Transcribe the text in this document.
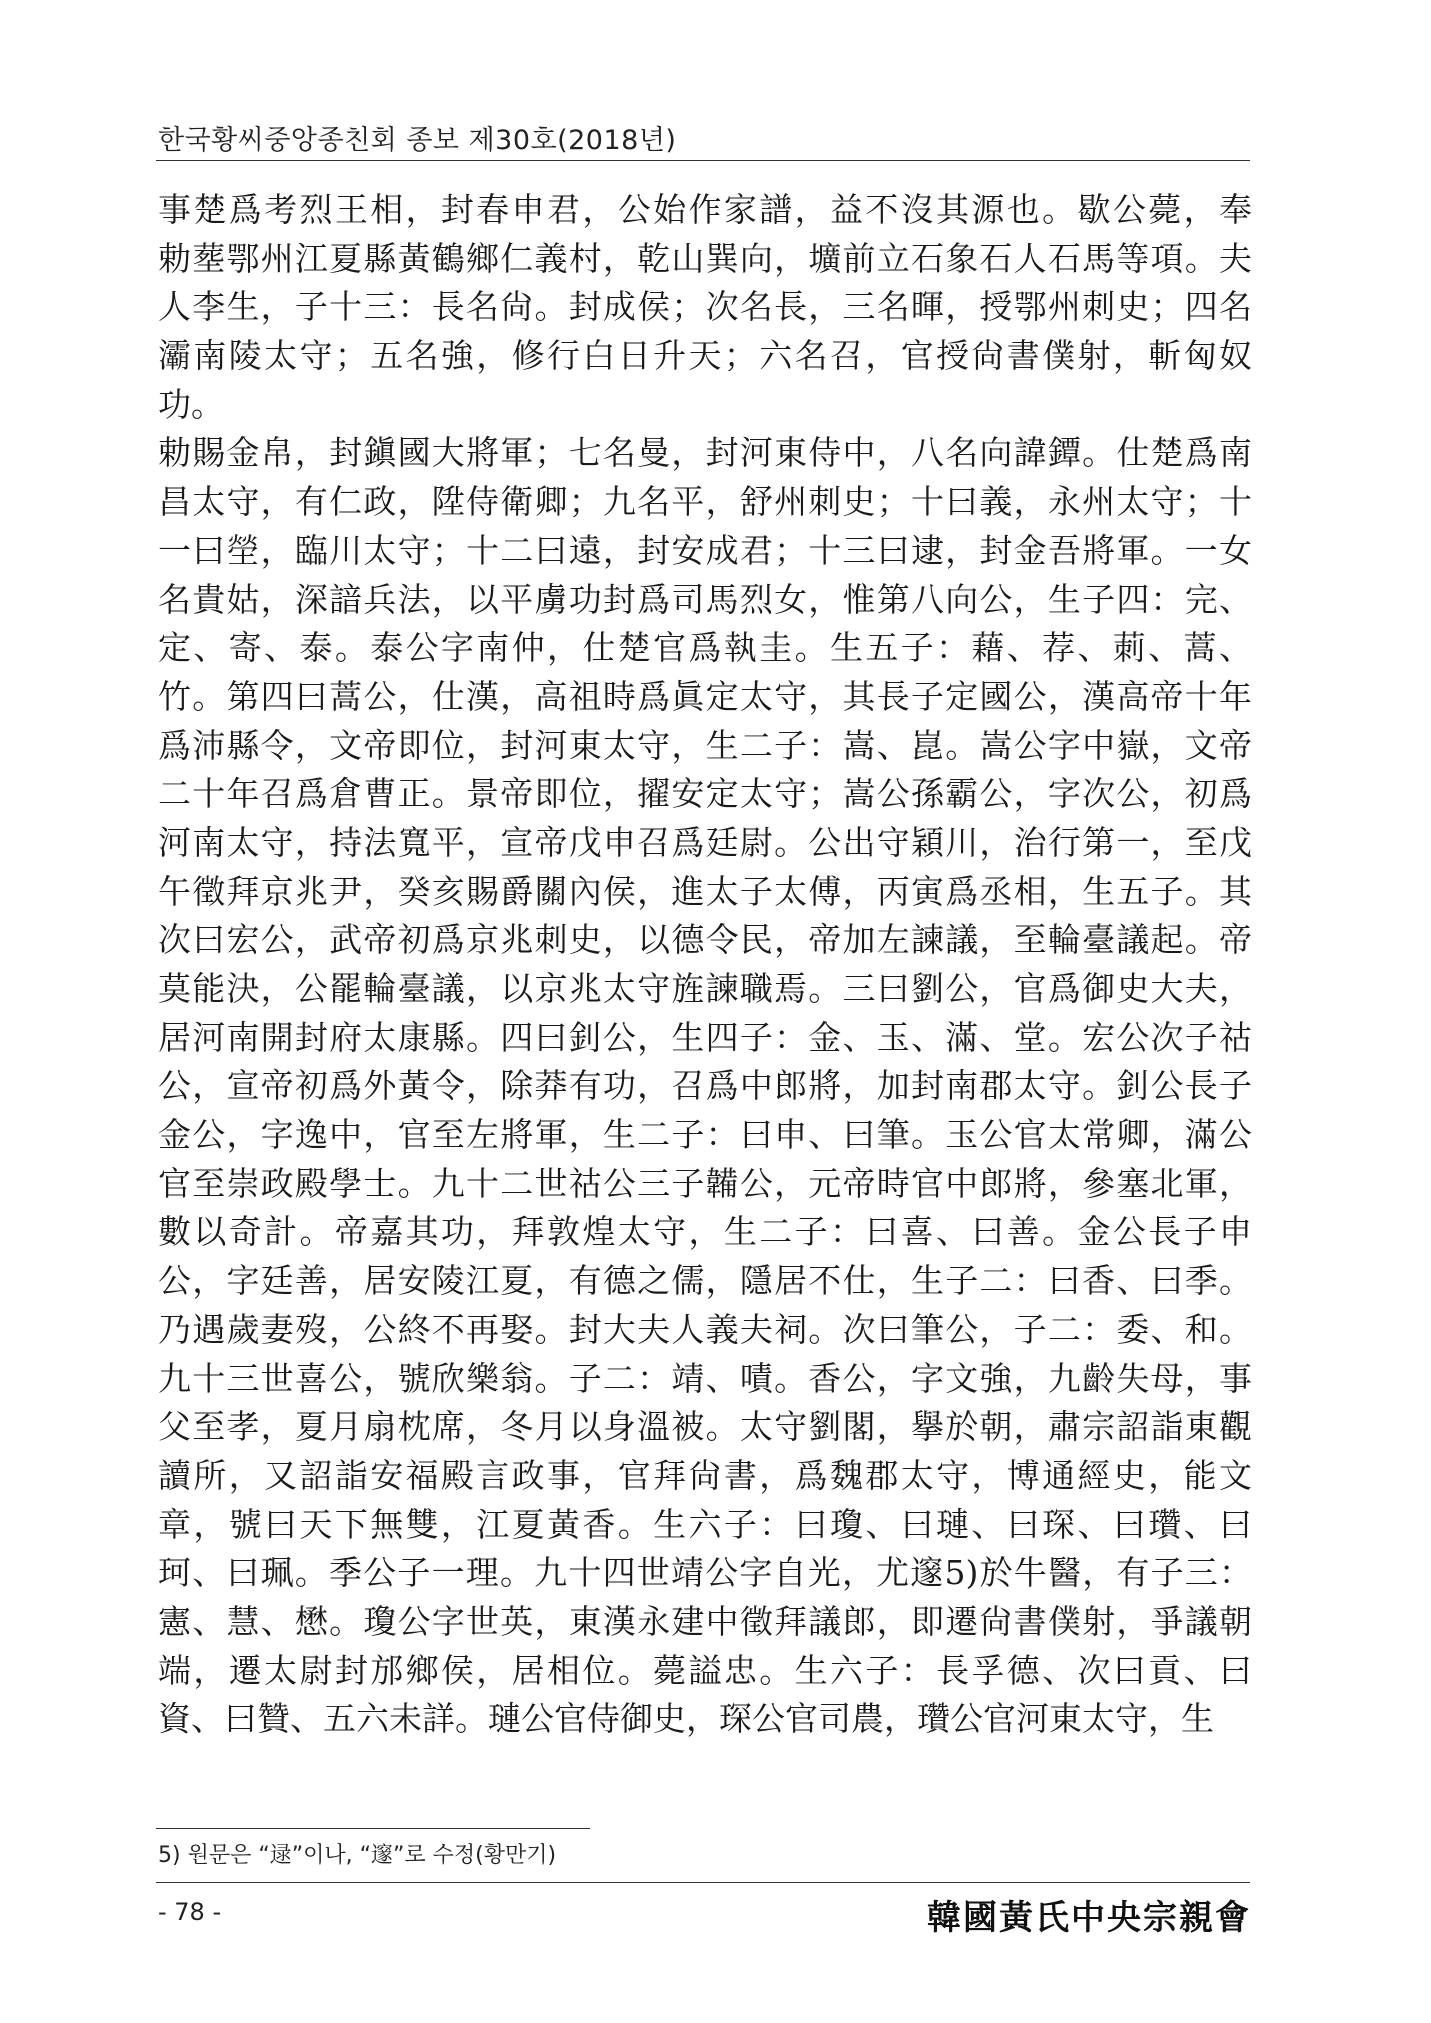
한국황씨중앙종친회 종보 제30호(2018년)
事楚爲考烈王相，封春申君，公始作家譜，益不沒其源也。歇公薨，奉
勅塟鄂州江夏縣黃鶴鄉仁義村，乾山巽向，壙前立石象石人石馬等項。夫
人李生，子十三：長名尙。封成侯；次名長，三名暉，授鄂州刺史；四名
灞南陵太守；五名強，修行白日升天；六名召，官授尙書僕射，斬匈奴
功。
勅賜金帛，封鎭國大將軍；七名曼，封河東侍中，八名向諱鐔。仕楚爲南
昌太守，有仁政，陞侍衛卿；九名平，舒州刺史；十曰義，永州太守；十
一曰塋，臨川太守；十二曰遠，封安成君；十三曰逮，封金吾將軍。一女
名貴姑，深諳兵法，以平虜功封爲司馬烈女，惟第八向公，生子四：完、
定、寄、泰。泰公字南仲，仕楚官爲執圭。生五子：藉、荐、莿、蒿、
竹。第四曰蒿公，仕漢，高祖時爲眞定太守，其長子定國公，漢高帝十年
爲沛縣令，文帝即位，封河東太守，生二子：嵩、崑。嵩公字中嶽，文帝
二十年召爲倉曹正。景帝即位，擢安定太守；嵩公孫霸公，字次公，初爲
河南太守，持法寬平，宣帝戊申召爲廷尉。公出守穎川，治行第一，至戊
午徵拜京兆尹，癸亥賜爵關內侯，進太子太傅，丙寅爲丞相，生五子。其
次曰宏公，武帝初爲京兆刺史，以德令民，帝加左諫議，至輪臺議起。帝
莫能決，公罷輪臺議，以京兆太守旌諫職焉。三曰劉公，官爲御史大夫，
居河南開封府太康縣。四曰釗公，生四子：金、玉、滿、堂。宏公次子祜
公，宣帝初爲外黃令，除莽有功，召爲中郎將，加封南郡太守。釗公長子
金公，字逸中，官至左將軍，生二子：曰申、曰筆。玉公官太常卿，滿公
官至崇政殿學士。九十二世祜公三子韛公，元帝時官中郎將，參塞北軍，
數以奇計。帝嘉其功，拜敦煌太守，生二子：曰喜、曰善。金公長子申
公，字廷善，居安陵江夏，有德之儒，隱居不仕，生子二：曰香、曰季。
乃遇歲妻歿，公終不再娶。封大夫人義夫祠。次曰筆公，子二：委、和。
九十三世喜公，號欣樂翁。子二：靖、嘖。香公，字文強，九齡失母，事
父至孝，夏月扇枕席，冬月以身溫被。太守劉閣，擧於朝，肅宗詔詣東觀
讀所，又詔詣安福殿言政事，官拜尙書，爲魏郡太守，博通經史，能文
章，號曰天下無雙，江夏黃香。生六子：曰瓊、曰璉、曰琛、曰瓚、曰
珂、曰珮。季公子一理。九十四世靖公字自光，尤邃5)於牛醫，有子三：
憲、慧、懋。瓊公字世英，東漢永建中徵拜議郎，即遷尙書僕射，爭議朝
端，遷太尉封邡鄉侯，居相位。薨謚忠。生六子：長孚德、次曰貢、曰
資、曰贊、五六未詳。璉公官侍御史，琛公官司農，瓚公官河東太守，生
5) 원문은 “逯”이나, “邃”로 수정(황만기)
- 78 -	韓國黃氏中央宗親會
